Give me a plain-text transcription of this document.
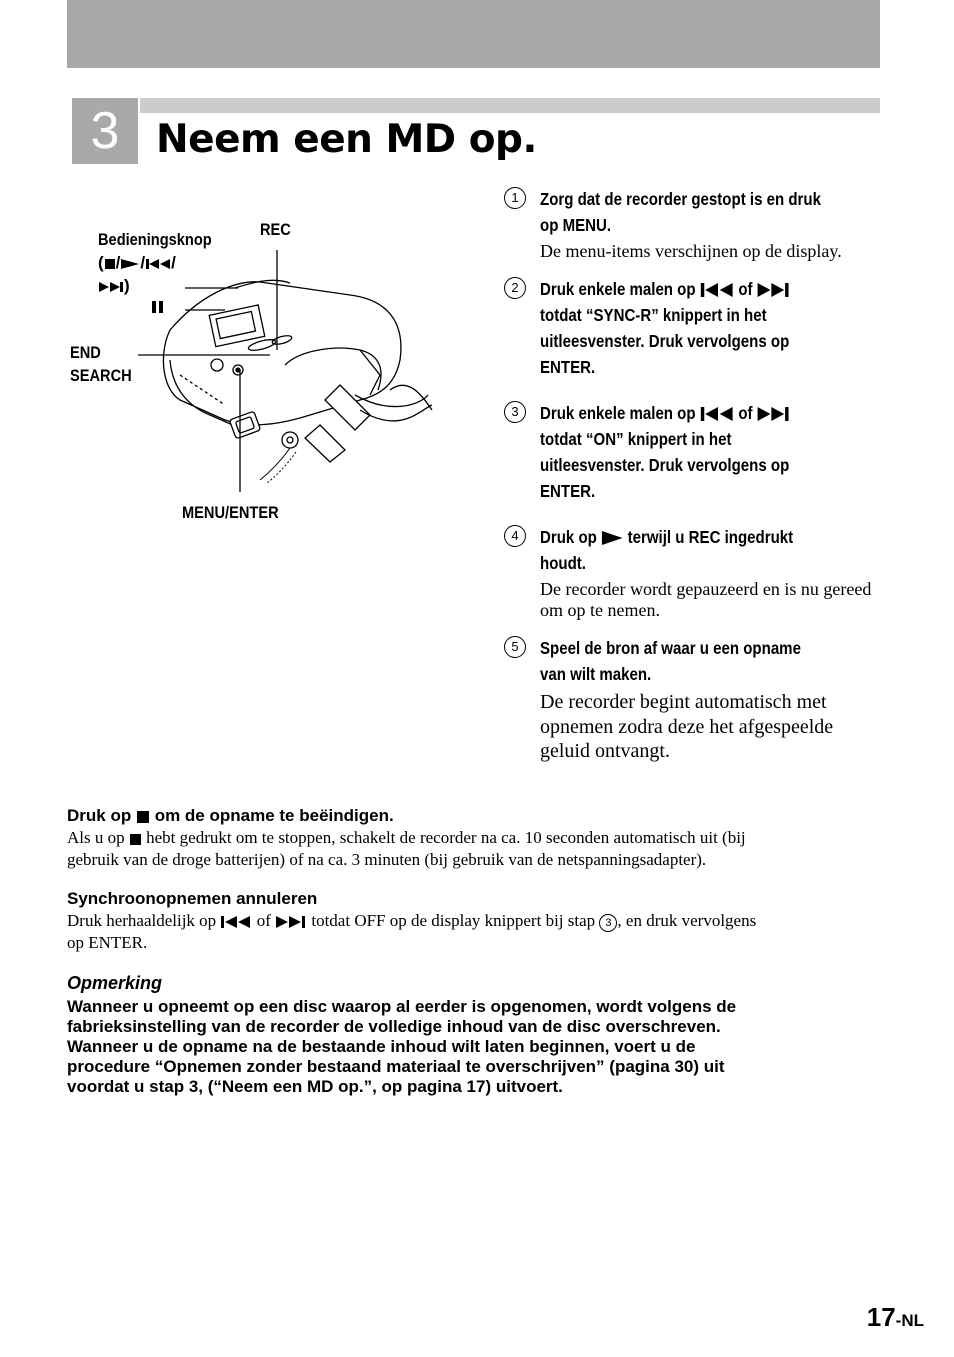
3 Neem een MD op.
Bedieningsknop
( / / /
)
REC
END
SEARCH
MENU/ENTER
1	Zorg dat de recorder gestopt is en druk
op MENU.
De menu-items verschijnen op de display.
2	Druk enkele malen op of
totdat “SYNC-R” knippert in het
uitleesvenster. Druk vervolgens op
ENTER.
3	Druk enkele malen op of
totdat “ON” knippert in het
uitleesvenster. Druk vervolgens op
ENTER.
4	Druk op terwijl u REC ingedrukt
houdt.
De recorder wordt gepauzeerd en is nu gereed om op te nemen.
5	Speel de bron af waar u een opname
van wilt maken.
De recorder begint automatisch met opnemen zodra deze het afgespeelde geluid ontvangt.
Druk op om de opname te beëindigen.
Als u op hebt gedrukt om te stoppen, schakelt de recorder na ca. 10 seconden automatisch uit (bij
gebruik van de droge batterijen) of na ca. 3 minuten (bij gebruik van de netspanningsadapter).
Synchroonopnemen annuleren
Druk herhaaldelijk op of totdat OFF op de display knippert bij stap 3 , en druk vervolgens
op ENTER.
Opmerking
Wanneer u opneemt op een disc waarop al eerder is opgenomen, wordt volgens de
fabrieksinstelling van de recorder de volledige inhoud van de disc overschreven.
Wanneer u de opname na de bestaande inhoud wilt laten beginnen, voert u de
procedure “Opnemen zonder bestaand materiaal te overschrijven” (pagina 30) uit
voordat u stap 3, (“Neem een MD op.”, op pagina 17) uitvoert.
17-NL
